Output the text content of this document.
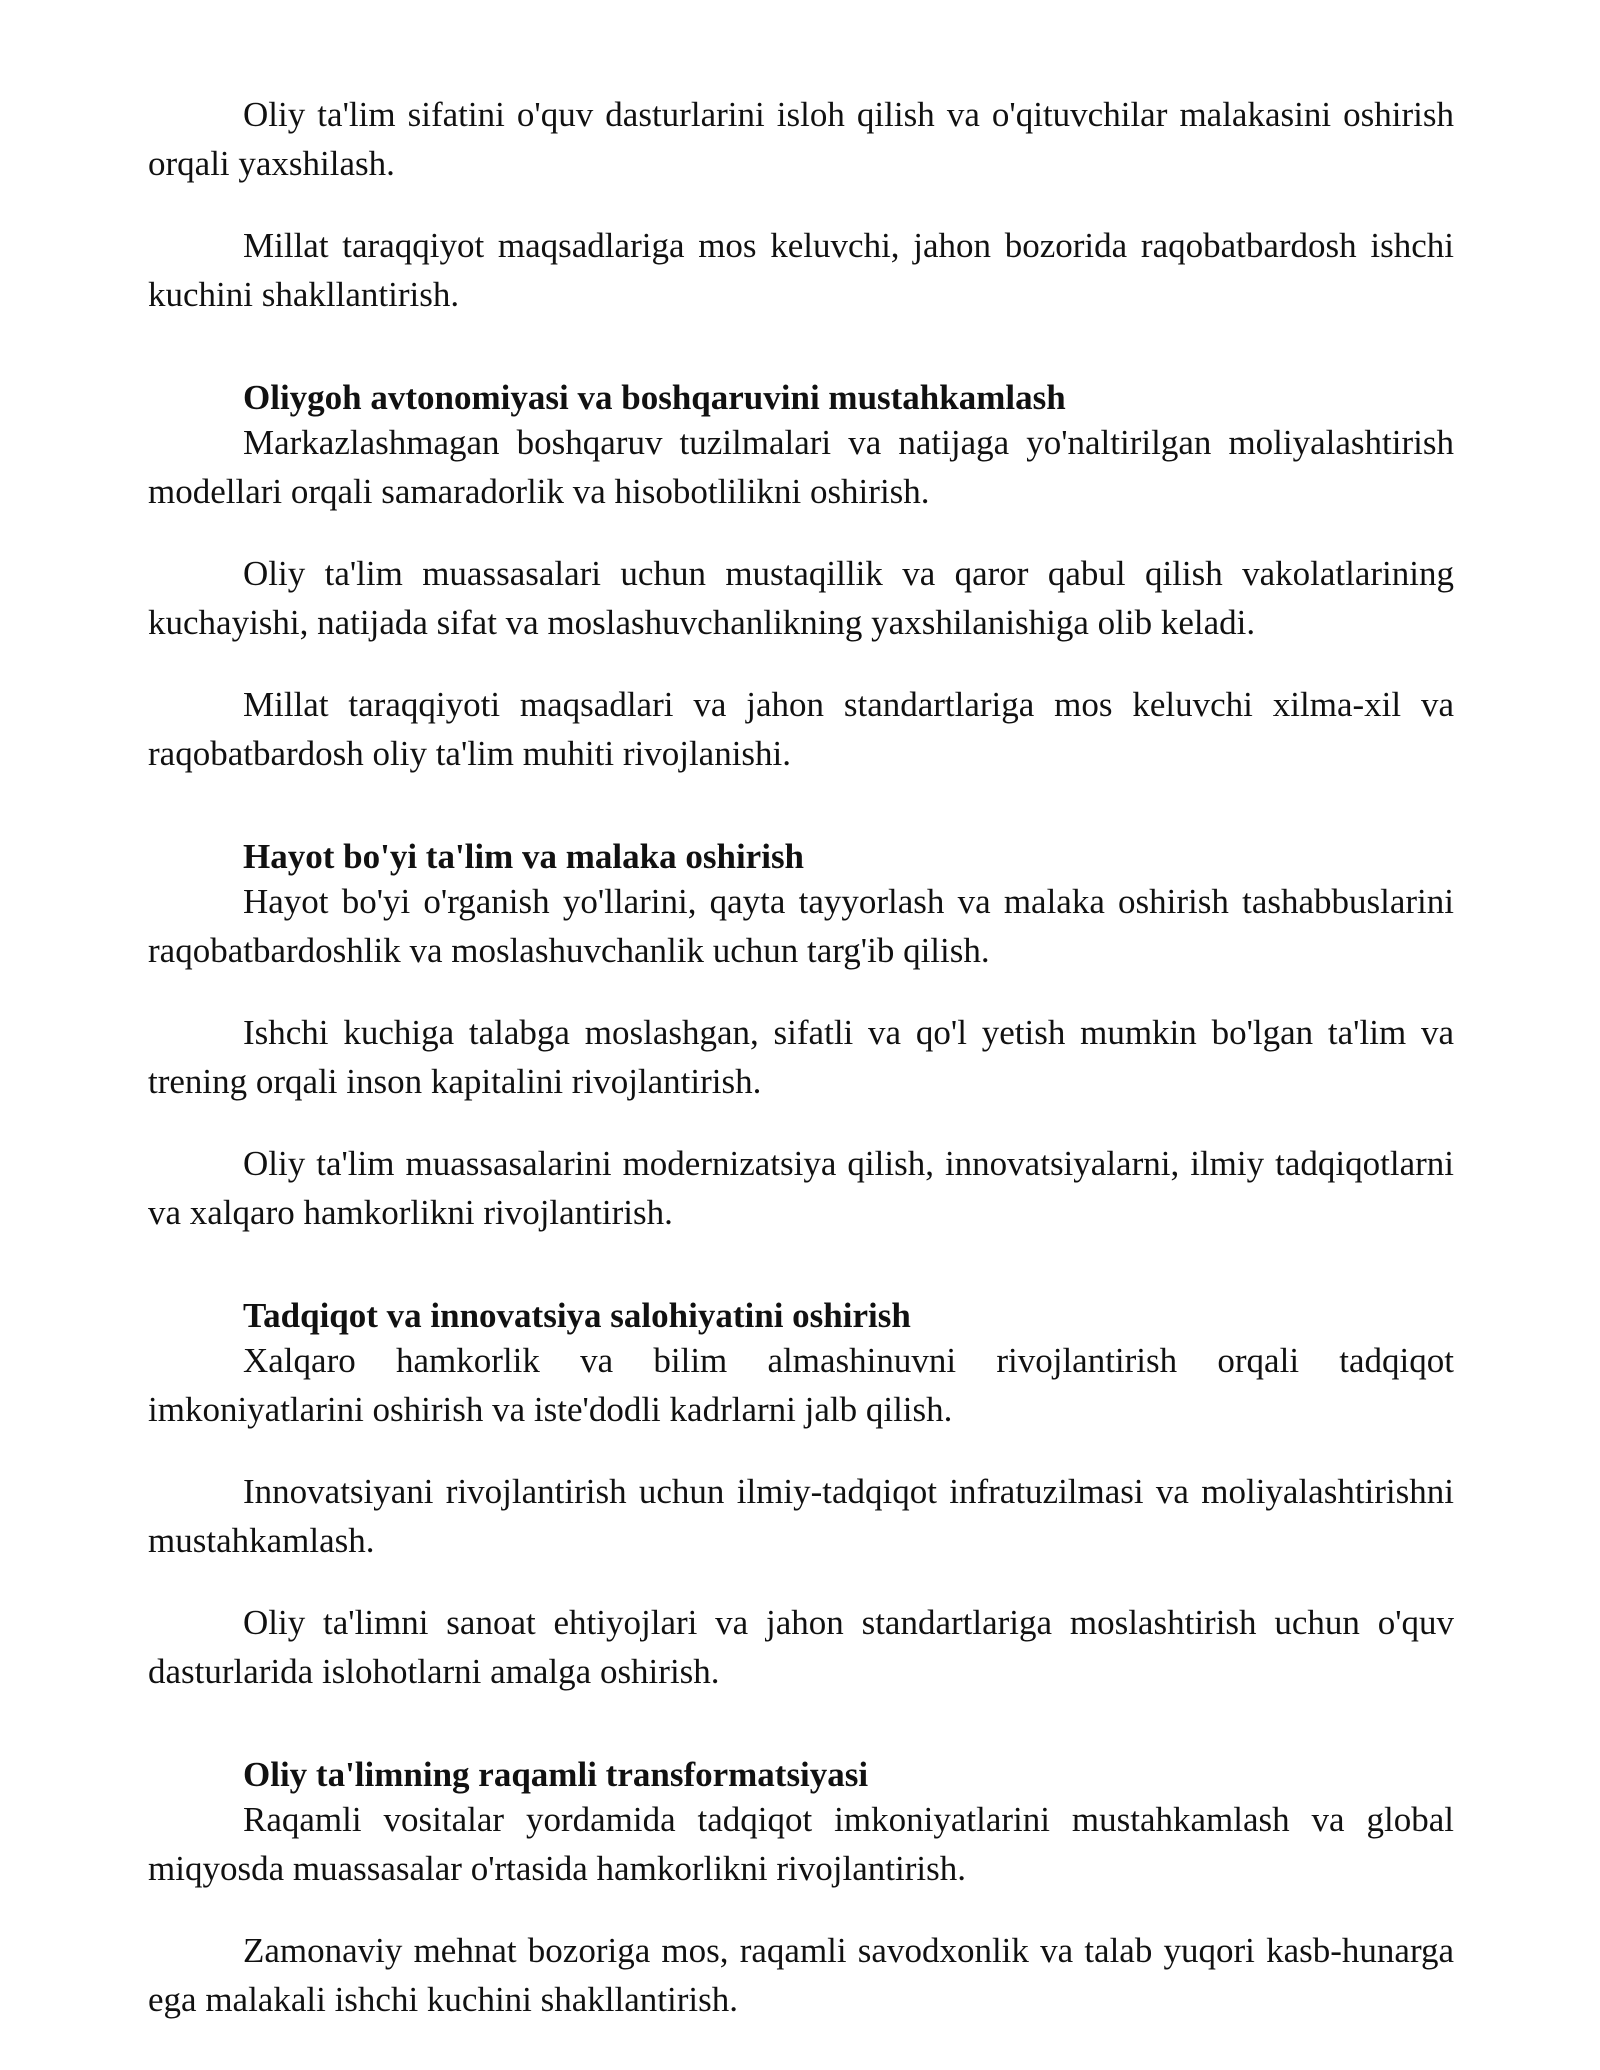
Oliy ta'lim sifatini o'quv dasturlarini isloh qilish va o'qituvchilar malakasini oshirish orqali yaxshilash.

Millat taraqqiyot maqsadlariga mos keluvchi, jahon bozorida raqobatbardosh ishchi kuchini shakllantirish.

Oliygoh avtonomiyasi va boshqaruvini mustahkamlash

Markazlashmagan boshqaruv tuzilmalari va natijaga yo'naltirilgan moliyalashtirish modellari orqali samaradorlik va hisobotlilikni oshirish.

Oliy ta'lim muassasalari uchun mustaqillik va qaror qabul qilish vakolatlarining kuchayishi, natijada sifat va moslashuvchanlikning yaxshilanishiga olib keladi.

Millat taraqqiyoti maqsadlari va jahon standartlariga mos keluvchi xilma-xil va raqobatbardosh oliy ta'lim muhiti rivojlanishi.

Hayot bo'yi ta'lim va malaka oshirish

Hayot bo'yi o'rganish yo'llarini, qayta tayyorlash va malaka oshirish tashabbuslarini raqobatbardoshlik va moslashuvchanlik uchun targ'ib qilish.

Ishchi kuchiga talabga moslashgan, sifatli va qo'l yetish mumkin bo'lgan ta'lim va trening orqali inson kapitalini rivojlantirish.

Oliy ta'lim muassasalarini modernizatsiya qilish, innovatsiyalarni, ilmiy tadqiqotlarni va xalqaro hamkorlikni rivojlantirish.

Tadqiqot va innovatsiya salohiyatini oshirish

Xalqaro hamkorlik va bilim almashinuvni rivojlantirish orqali tadqiqot imkoniyatlarini oshirish va iste'dodli kadrlarni jalb qilish.

Innovatsiyani rivojlantirish uchun ilmiy-tadqiqot infratuzilmasi va moliyalashtirishni mustahkamlash.

Oliy ta'limni sanoat ehtiyojlari va jahon standartlariga moslashtirish uchun o'quv dasturlarida islohotlarni amalga oshirish.

Oliy ta'limning raqamli transformatsiyasi

Raqamli vositalar yordamida tadqiqot imkoniyatlarini mustahkamlash va global miqyosda muassasalar o'rtasida hamkorlikni rivojlantirish.

Zamonaviy mehnat bozoriga mos, raqamli savodxonlik va talab yuqori kasb-hunarga ega malakali ishchi kuchini shakllantirish.
